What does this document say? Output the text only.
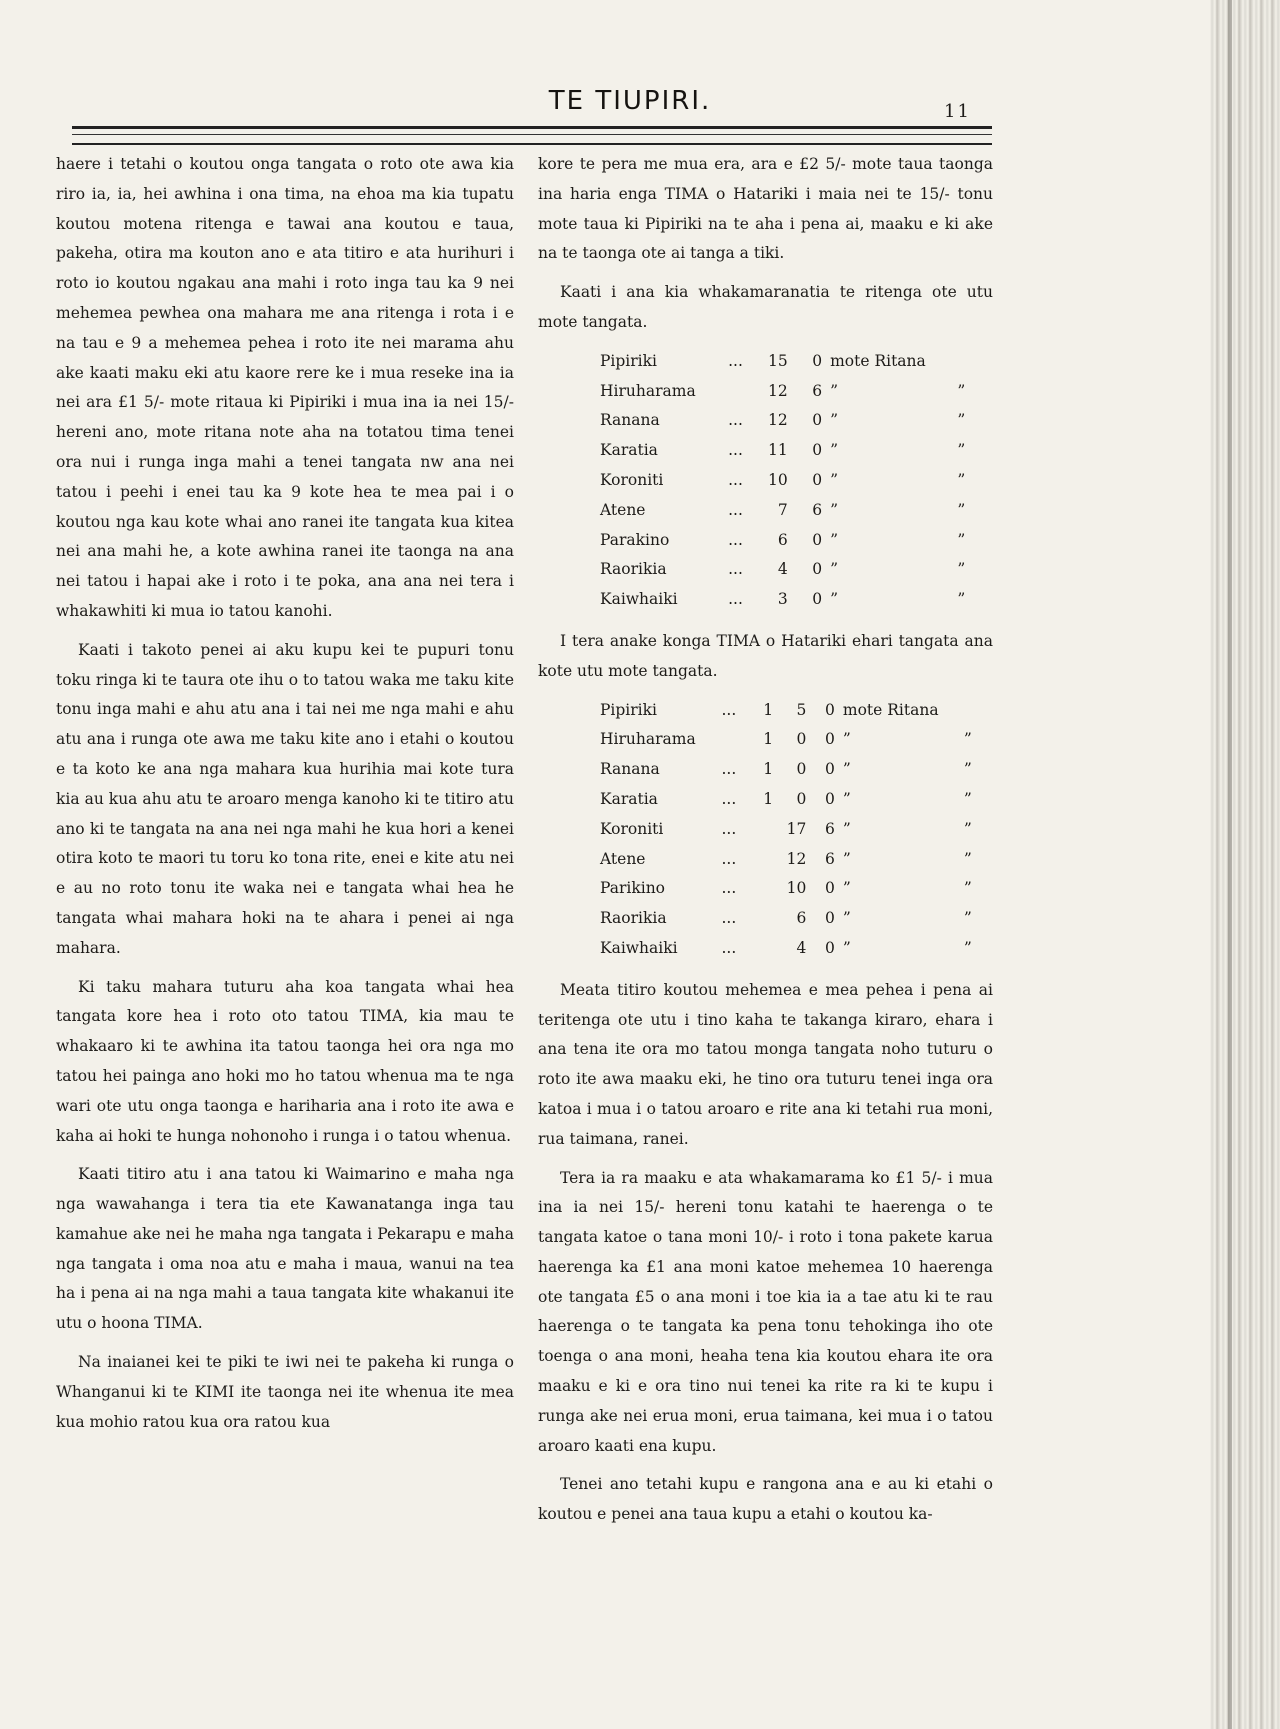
TE TIUPIRI.	11

haere i tetahi o koutou onga tangata o roto ote awa kia riro ia, ia, hei awhina i ona tima, na ehoa ma kia tupatu koutou motena ritenga e tawai ana koutou e taua, pakeha, otira ma kouton ano e ata titiro e ata hurihuri i roto io koutou ngakau ana mahi i roto inga tau ka 9 nei mehemea pewhea ona mahara me ana ritenga i rota i e na tau e 9 a mehemea pehea i roto ite nei marama ahu ake kaati maku eki atu kaore rere ke i mua reseke ina ia nei ara £1 5/- mote ritaua ki Pipiriki i mua ina ia nei 15/- hereni ano, mote ritana note aha na totatou tima tenei ora nui i runga inga mahi a tenei tangata nw ana nei tatou i peehi i enei tau ka 9 kote hea te mea pai i o koutou nga kau kote whai ano ranei ite tangata kua kitea nei ana mahi he, a kote awhina ranei ite taonga na ana nei tatou i hapai ake i roto i te poka, ana ana nei tera i whakawhiti ki mua io tatou kanohi.

Kaati i takoto penei ai aku kupu kei te pupuri tonu toku ringa ki te taura ote ihu o to tatou waka me taku kite tonu inga mahi e ahu atu ana i tai nei me nga mahi e ahu atu ana i runga ote awa me taku kite ano i etahi o koutou e ta koto ke ana nga mahara kua hurihia mai kote tura kia au kua ahu atu te aroaro menga kanoho ki te titiro atu ano ki te tangata na ana nei nga mahi he kua hori a kenei otira koto te maori tu toru ko tona rite, enei e kite atu nei e au no roto tonu ite waka nei e tangata whai hea he tangata whai mahara hoki na te ahara i penei ai nga mahara.

Ki taku mahara tuturu aha koa tangata whai hea tangata kore hea i roto oto tatou TIMA, kia mau te whakaaro ki te awhina ita tatou taonga hei ora nga mo tatou hei painga ano hoki mo ho tatou whenua ma te nga wari ote utu onga taonga e hariharia ana i roto ite awa e kaha ai hoki te hunga nohonoho i runga i o tatou whenua.

Kaati titiro atu i ana tatou ki Waimarino e maha nga nga wawahanga i tera tia ete Kawanatanga inga tau kamahue ake nei he maha nga tangata i Pekarapu e maha nga tangata i oma noa atu e maha i maua, wanui na tea ha i pena ai na nga mahi a taua tangata kite whakanui ite utu o hoona TIMA.

Na inaianei kei te piki te iwi nei te pakeha ki runga o Whanganui ki te KIMI ite taonga nei ite whenua ite mea kua mohio ratou kua ora ratou kua

kore te pera me mua era, ara e £2 5/- mote taua taonga ina haria enga TIMA o Hatariki i maia nei te 15/- tonu mote taua ki Pipiriki na te aha i pena ai, maaku e ki ake na te taonga ote ai tanga a tiki.

Kaati i ana kia whakamaranatia te ritenga ote utu mote tangata.

Pipiriki	...	15	0	mote Ritana	
Hiruharama		12	6	”	”
Ranana	...	12	0	”	”
Karatia	...	11	0	”	”
Koroniti	...	10	0	”	”
Atene	...	7	6	”	”
Parakino	...	6	0	”	”
Raorikia	...	4	0	”	”
Kaiwhaiki	...	3	0	”	”

I tera anake konga TIMA o Hatariki ehari tangata ana kote utu mote tangata.

Pipiriki	...	1	5	0	mote Ritana	
Hiruharama		1	0	0	”	”
Ranana	...	1	0	0	”	”
Karatia	...	1	0	0	”	”
Koroniti	...		17	6	”	”
Atene	...		12	6	”	”
Parikino	...		10	0	”	”
Raorikia	...		6	0	”	”
Kaiwhaiki	...		4	0	”	”

Meata titiro koutou mehemea e mea pehea i pena ai teritenga ote utu i tino kaha te takanga kiraro, ehara i ana tena ite ora mo tatou monga tangata noho tuturu o roto ite awa maaku eki, he tino ora tuturu tenei inga ora katoa i mua i o tatou aroaro e rite ana ki tetahi rua moni, rua taimana, ranei.

Tera ia ra maaku e ata whakamarama ko £1 5/- i mua ina ia nei 15/- hereni tonu katahi te haerenga o te tangata katoe o tana moni 10/- i roto i tona pakete karua haerenga ka £1 ana moni katoe mehemea 10 haerenga ote tangata £5 o ana moni i toe kia ia a tae atu ki te rau haerenga o te tangata ka pena tonu tehokinga iho ote toenga o ana moni, heaha tena kia koutou ehara ite ora maaku e ki e ora tino nui tenei ka rite ra ki te kupu i runga ake nei erua moni, erua taimana, kei mua i o tatou aroaro kaati ena kupu.

Tenei ano tetahi kupu e rangona ana e au ki etahi o koutou e penei ana taua kupu a etahi o koutou ka-
